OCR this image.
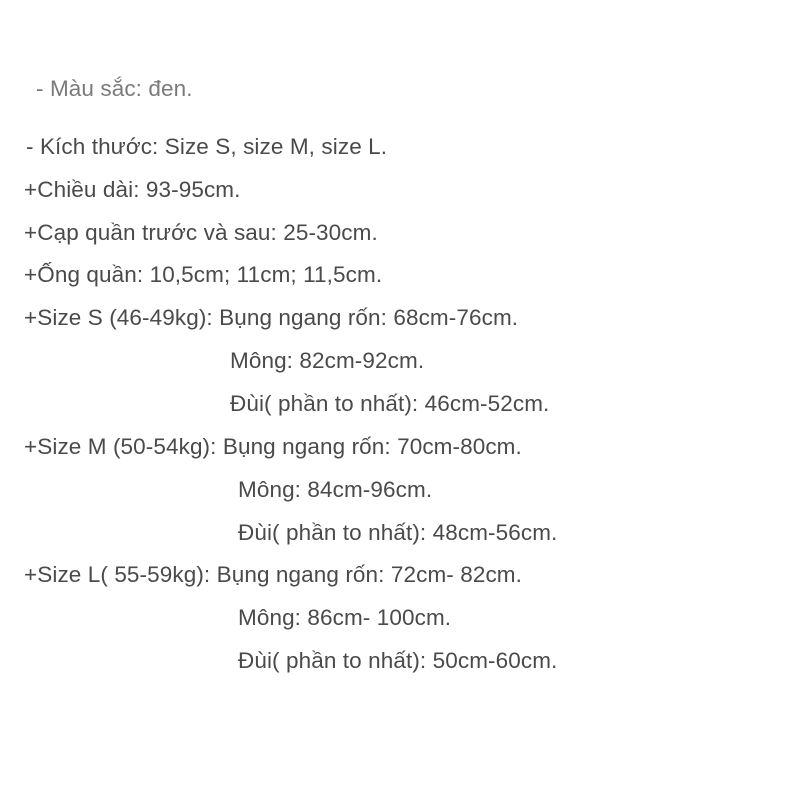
- Màu sắc: đen.
- Kích thước: Size S, size M, size L.
+Chiều dài: 93-95cm.
+Cạp quần trước và sau: 25-30cm.
+Ống quần: 10,5cm; 11cm; 11,5cm.
+Size S (46-49kg): Bụng ngang rốn: 68cm-76cm.
Mông: 82cm-92cm.
Đùi( phần to nhất): 46cm-52cm.
+Size M (50-54kg): Bụng ngang rốn: 70cm-80cm.
Mông: 84cm-96cm.
Đùi( phần to nhất): 48cm-56cm.
+Size L( 55-59kg): Bụng ngang rốn: 72cm- 82cm.
Mông: 86cm- 100cm.
Đùi( phần to nhất): 50cm-60cm.
